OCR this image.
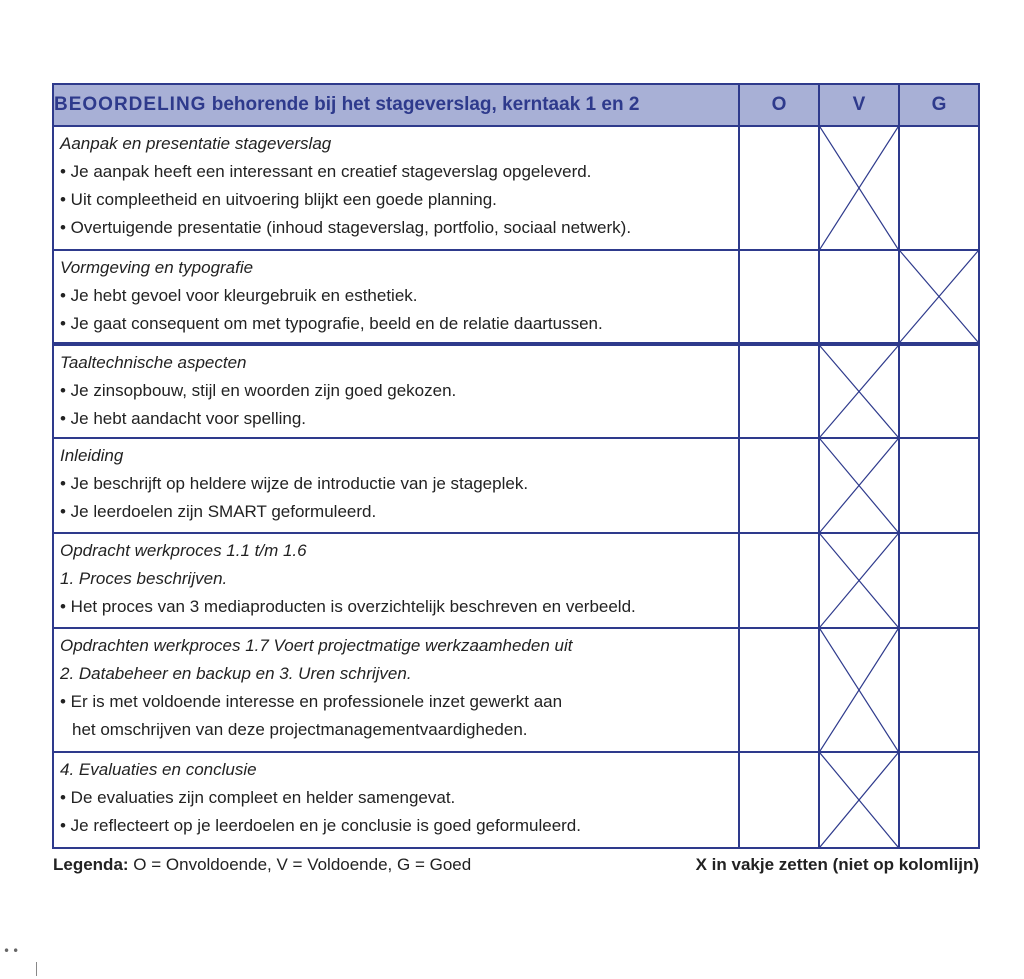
BEOORDELING behorende bij het stageverslag, kerntaak 1 en 2	O	V	G

Aanpak en presentatie stageverslag
• Je aanpak heeft een interessant en creatief stageverslag opgeleverd.
• Uit compleetheid en uitvoering blijkt een goede planning.
• Overtuigende presentatie (inhoud stageverslag, portfolio, sociaal netwerk).

Vormgeving en typografie
• Je hebt gevoel voor kleurgebruik en esthetiek.
• Je gaat consequent om met typografie, beeld en de relatie daartussen.

Taaltechnische aspecten
• Je zinsopbouw, stijl en woorden zijn goed gekozen.
• Je hebt aandacht voor spelling.

Inleiding
• Je beschrijft op heldere wijze de introductie van je stageplek.
• Je leerdoelen zijn SMART geformuleerd.

Opdracht werkproces 1.1 t/m 1.6
1. Proces beschrijven.
• Het proces van 3 mediaproducten is overzichtelijk beschreven en verbeeld.

Opdrachten werkproces 1.7 Voert projectmatige werkzaamheden uit
2. Databeheer en backup en 3. Uren schrijven.
• Er is met voldoende interesse en professionele inzet gewerkt aan
het omschrijven van deze projectmanagementvaardigheden.

4. Evaluaties en conclusie
• De evaluaties zijn compleet en helder samengevat.
• Je reflecteert op je leerdoelen en je conclusie is goed geformuleerd.

Legenda: O = Onvoldoende, V = Voldoende, G = Goed	X in vakje zetten (niet op kolomlijn)
••
